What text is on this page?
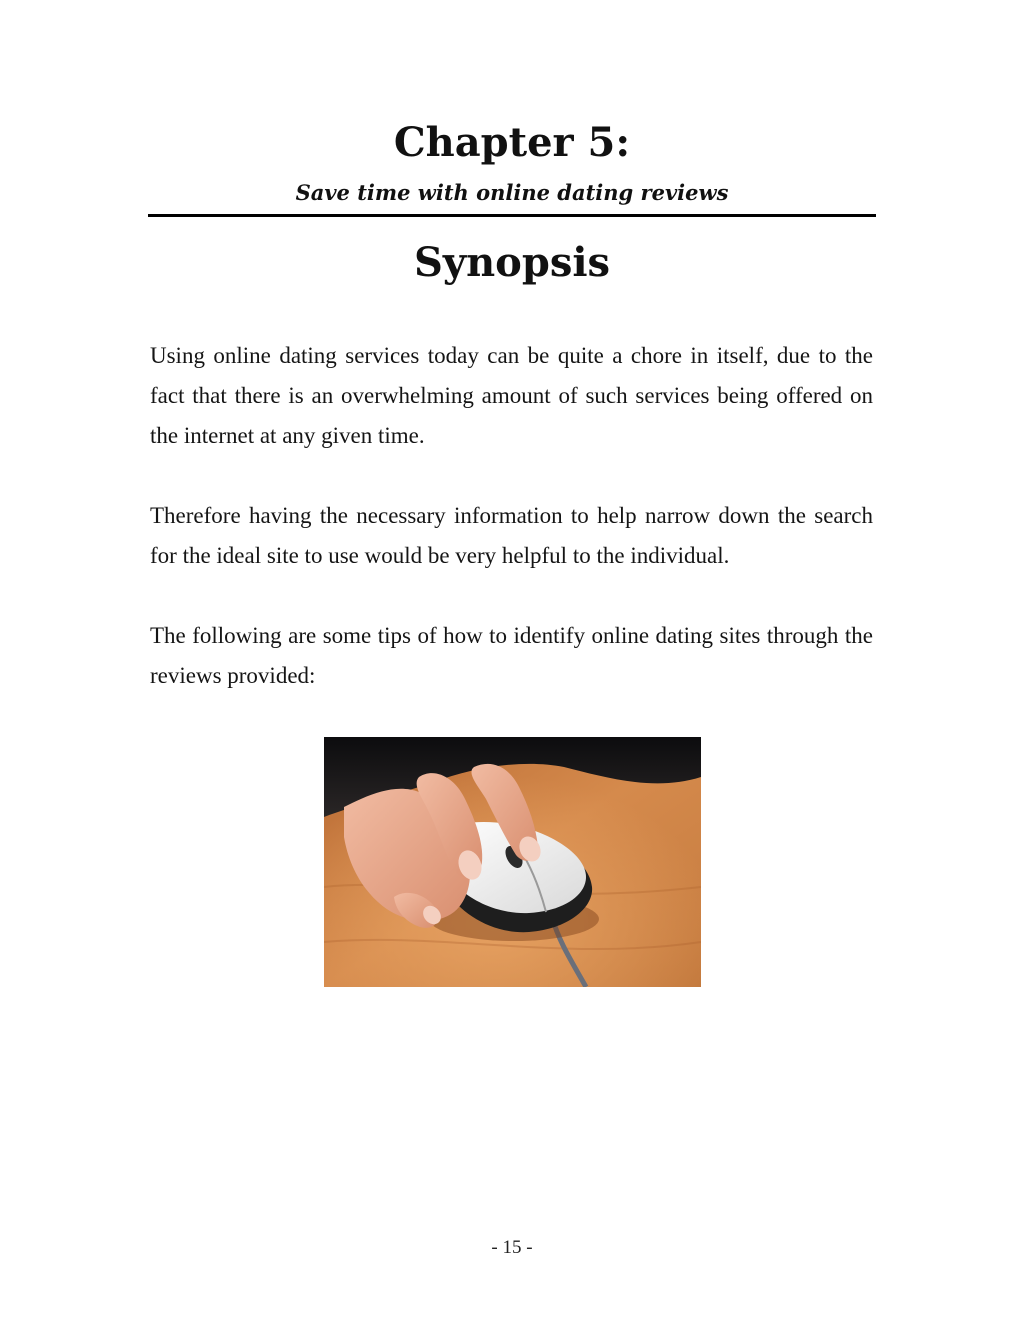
Chapter 5:
Save time with online dating reviews
Synopsis

Using online dating services today can be quite a chore in itself, due to the fact that there is an overwhelming amount of such services being offered on the internet at any given time.

Therefore having the necessary information to help narrow down the search for the ideal site to use would be very helpful to the individual.

The following are some tips of how to identify online dating sites through the reviews provided:

- 15 -
